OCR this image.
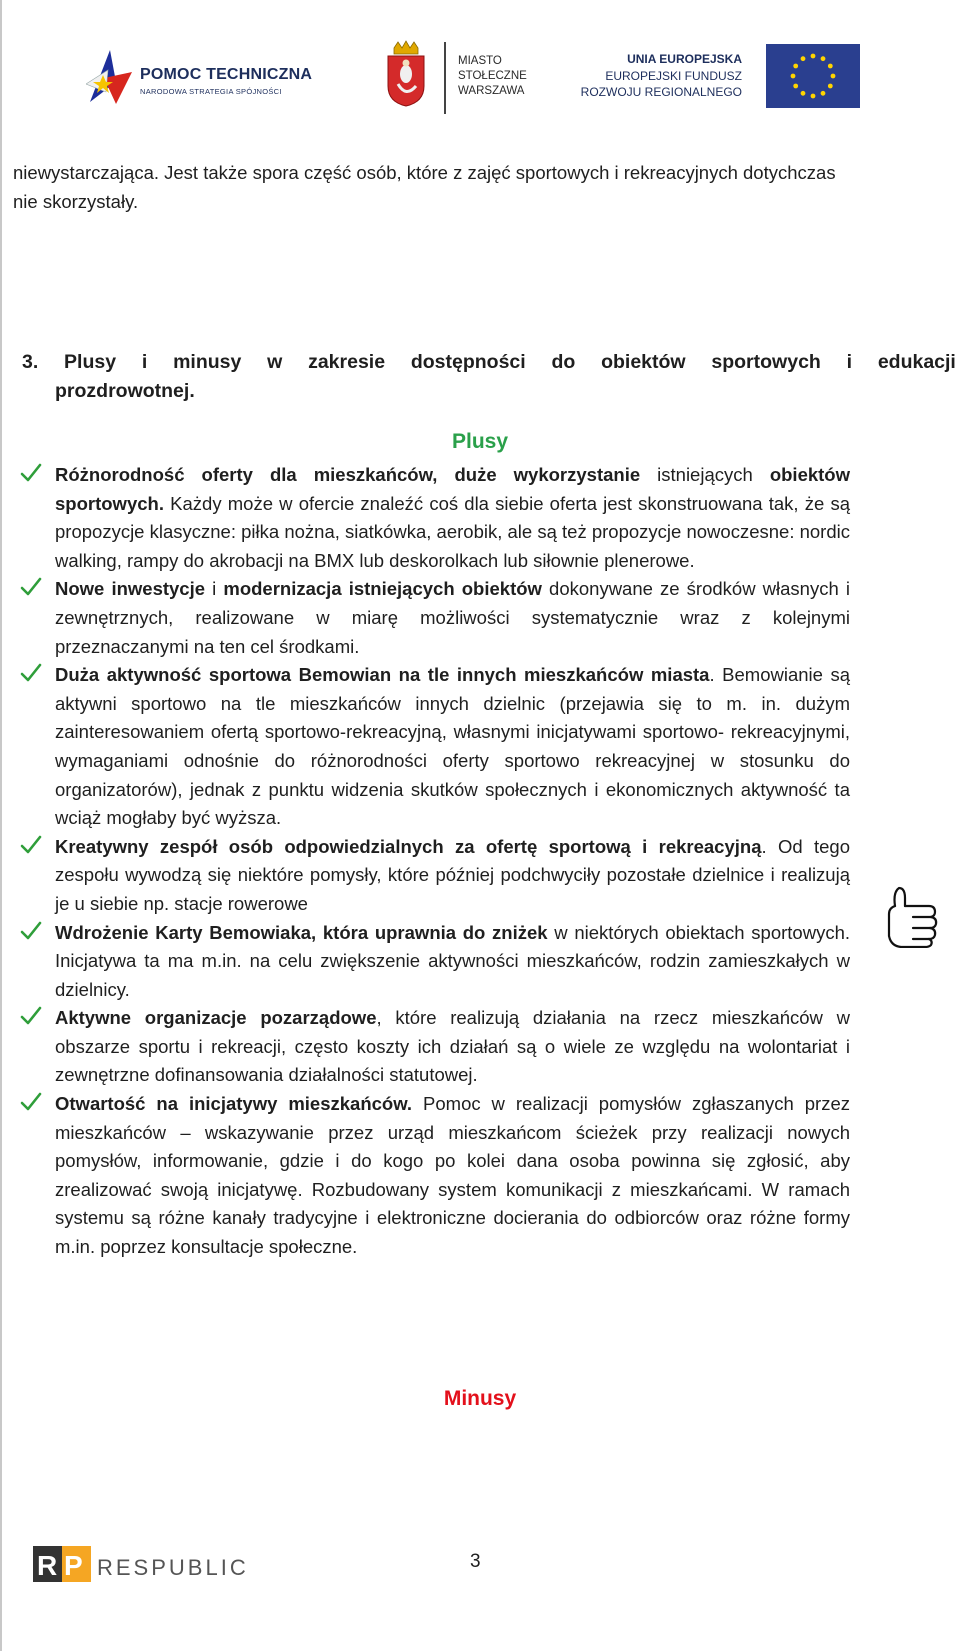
POMOC TECHNICZNA
NARODOWA STRATEGIA SPÓJNOŚCI
MIASTO
STOŁECZNE
WARSZAWA
UNIA EUROPEJSKA
EUROPEJSKI FUNDUSZ
ROZWOJU REGIONALNEGO
niewystarczająca. Jest także spora część osób, które z zajęć sportowych i rekreacyjnych dotychczas
nie skorzystały.
3. Plusy i minusy w zakresie dostępności do obiektów sportowych i edukacji
prozdrowotnej.
Plusy
Różnorodność oferty dla mieszkańców, duże wykorzystanie istniejących obiektów sportowych. Każdy może w ofercie znaleźć coś dla siebie oferta jest skonstruowana tak, że są propozycje klasyczne: piłka nożna, siatkówka, aerobik, ale są też propozycje nowoczesne: nordic walking, rampy do akrobacji na BMX lub deskorolkach lub siłownie plenerowe.
Nowe inwestycje i modernizacja istniejących obiektów dokonywane ze środków własnych i zewnętrznych, realizowane w miarę możliwości systematycznie wraz z kolejnymi przeznaczanymi na ten cel środkami.
Duża aktywność sportowa Bemowian na tle innych mieszkańców miasta. Bemowianie są aktywni sportowo na tle mieszkańców innych dzielnic (przejawia się to m. in. dużym zainteresowaniem ofertą sportowo-rekreacyjną, własnymi inicjatywami sportowo- rekreacyjnymi, wymaganiami odnośnie do różnorodności oferty sportowo rekreacyjnej w stosunku do organizatorów), jednak z punktu widzenia skutków społecznych i ekonomicznych aktywność ta wciąż mogłaby być wyższa.
Kreatywny zespół osób odpowiedzialnych za ofertę sportową i rekreacyjną. Od tego zespołu wywodzą się niektóre pomysły, które później podchwyciły pozostałe dzielnice i realizują je u siebie np. stacje rowerowe
Wdrożenie Karty Bemowiaka, która uprawnia do zniżek w niektórych obiektach sportowych. Inicjatywa ta ma m.in. na celu zwiększenie aktywności mieszkańców, rodzin zamieszkałych w dzielnicy.
Aktywne organizacje pozarządowe, które realizują działania na rzecz mieszkańców w obszarze sportu i rekreacji, często koszty ich działań są o wiele ze względu na wolontariat i zewnętrzne dofinansowania działalności statutowej.
Otwartość na inicjatywy mieszkańców. Pomoc w realizacji pomysłów zgłaszanych przez mieszkańców – wskazywanie przez urząd mieszkańcom ścieżek przy realizacji nowych pomysłów, informowanie, gdzie i do kogo po kolei dana osoba powinna się zgłosić, aby zrealizować swoją inicjatywę. Rozbudowany system komunikacji z mieszkańcami. W ramach systemu są różne kanały tradycyjne i elektroniczne docierania do odbiorców oraz różne formy m.in. poprzez konsultacje społeczne.
Minusy
R P RESPUBLIC	3
